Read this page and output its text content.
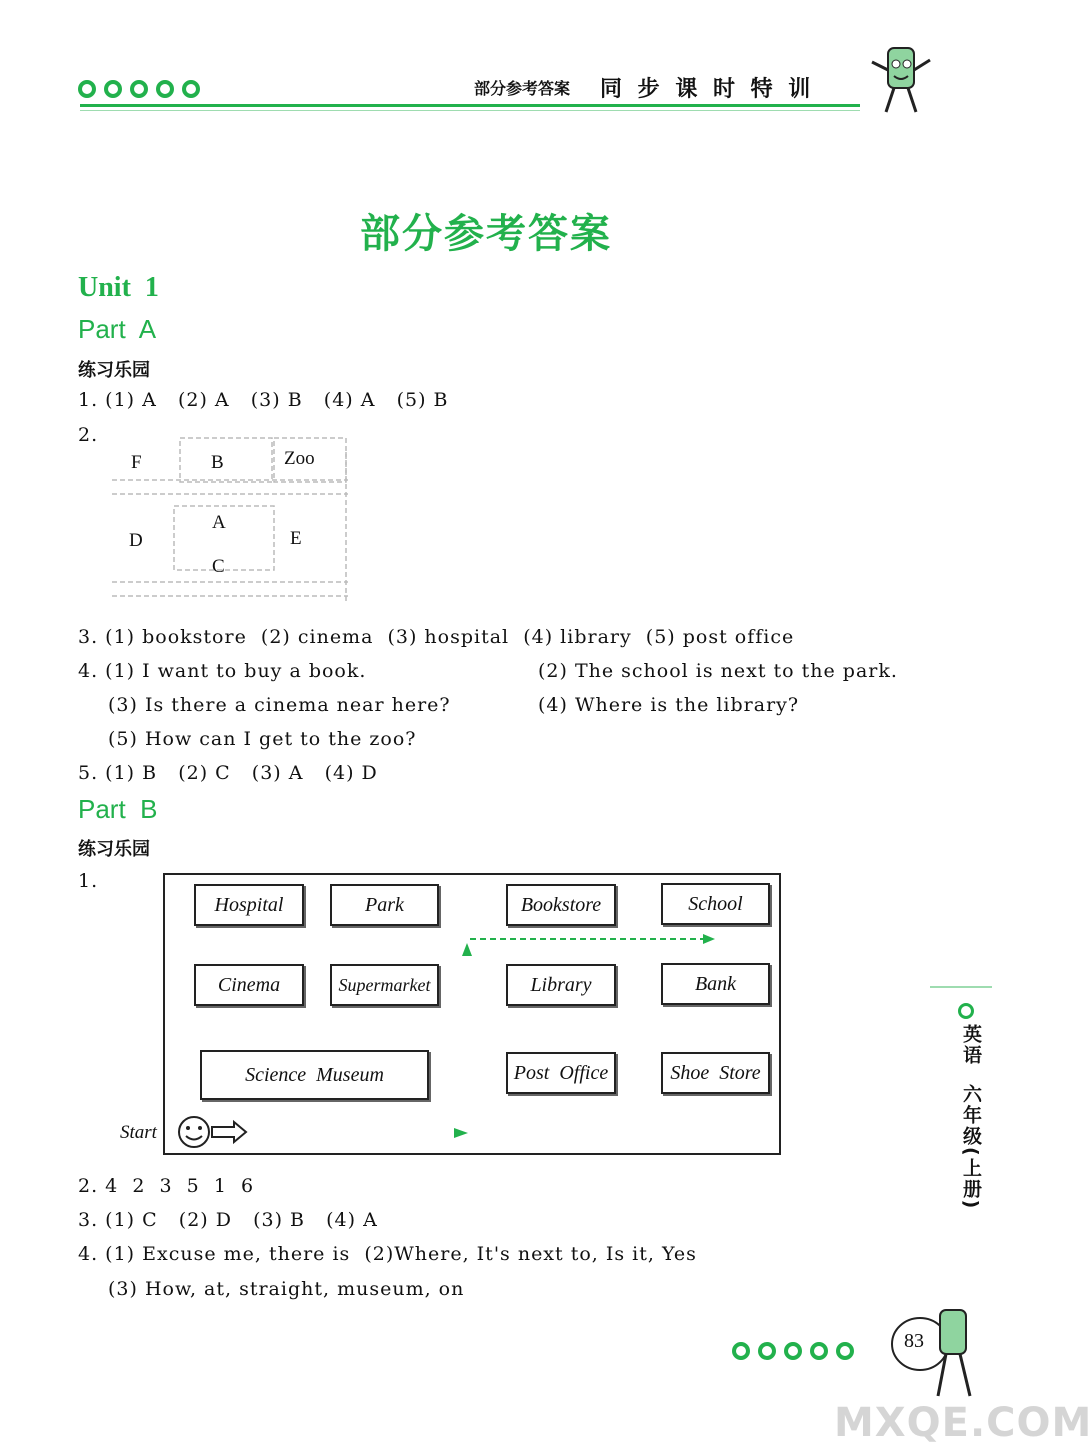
部分参考答案 同 步 课 时 特 训
部分参考答案
Unit  1
Part  A
练习乐园
1. (1) A   (2) A   (3) B   (4) A   (5) B
2.
F	B	Zoo
A
D	E
C
3. (1) bookstore  (2) cinema  (3) hospital  (4) library  (5) post office
4. (1) I want to buy a book.	(2) The school is next to the park.
(3) Is there a cinema near here?	(4) Where is the library?
(5) How can I get to the zoo?
5. (1) B   (2) C   (3) A   (4) D
Part  B
练习乐园
1.
Hospital	Park	Bookstore	School
Cinema	Supermarket	Library	Bank
Science  Museum	Post  Office	Shoe  Store
Start
2. 4  2  3  5  1  6
3. (1) C   (2) D   (3) B   (4) A
4. (1) Excuse me, there is  (2)Where, It's next to, Is it, Yes
(3) How, at, straight, museum, on
英语
六年级(上册)
83
MXQE.COM
